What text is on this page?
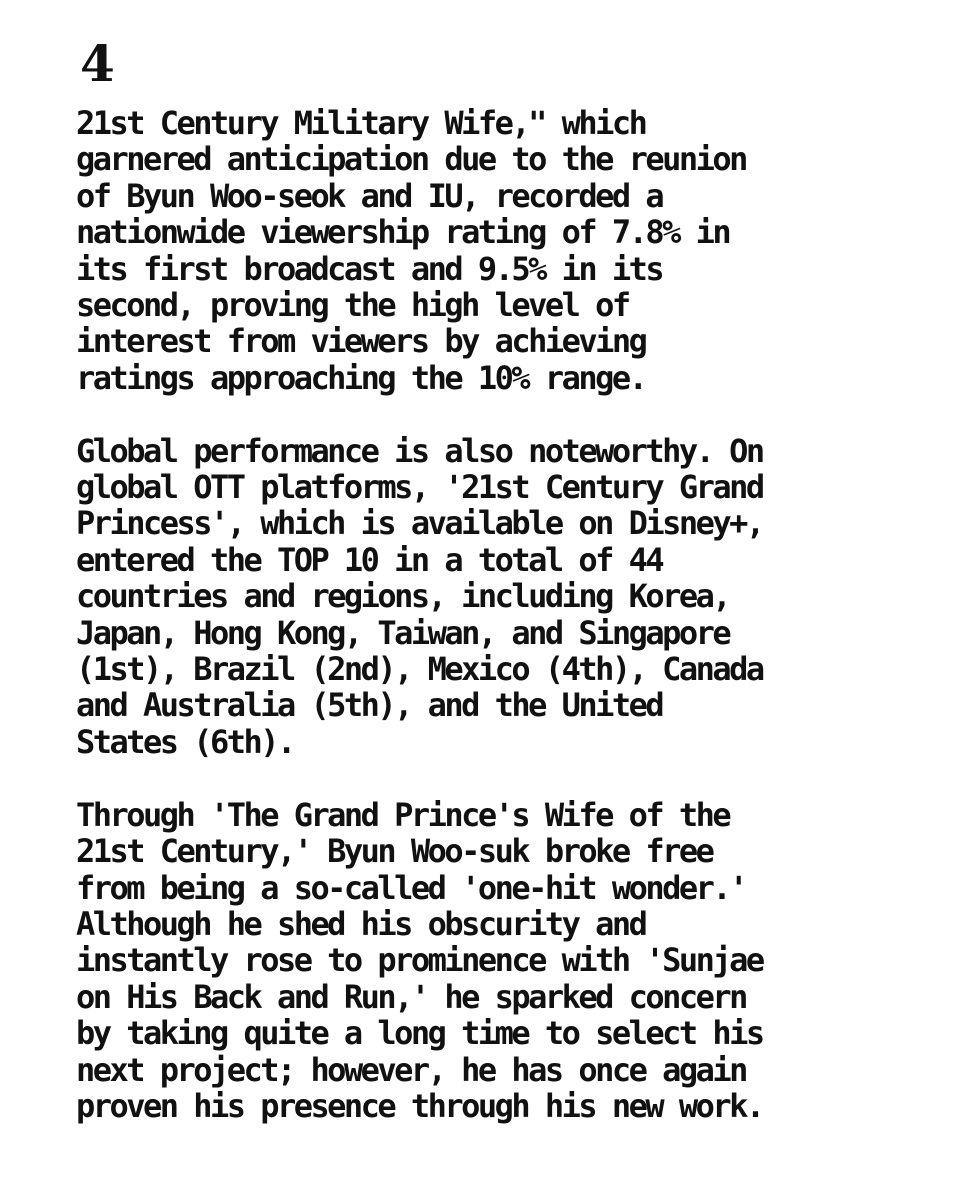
4

21st Century Military Wife," which
garnered anticipation due to the reunion
of Byun Woo-seok and IU, recorded a
nationwide viewership rating of 7.8% in
its first broadcast and 9.5% in its
second, proving the high level of
interest from viewers by achieving
ratings approaching the 10% range.

Global performance is also noteworthy. On
global OTT platforms, '21st Century Grand
Princess', which is available on Disney+,
entered the TOP 10 in a total of 44
countries and regions, including Korea,
Japan, Hong Kong, Taiwan, and Singapore
(1st), Brazil (2nd), Mexico (4th), Canada
and Australia (5th), and the United
States (6th).

Through 'The Grand Prince's Wife of the
21st Century,' Byun Woo-suk broke free
from being a so-called 'one-hit wonder.'
Although he shed his obscurity and
instantly rose to prominence with 'Sunjae
on His Back and Run,' he sparked concern
by taking quite a long time to select his
next project; however, he has once again
proven his presence through his new work.
